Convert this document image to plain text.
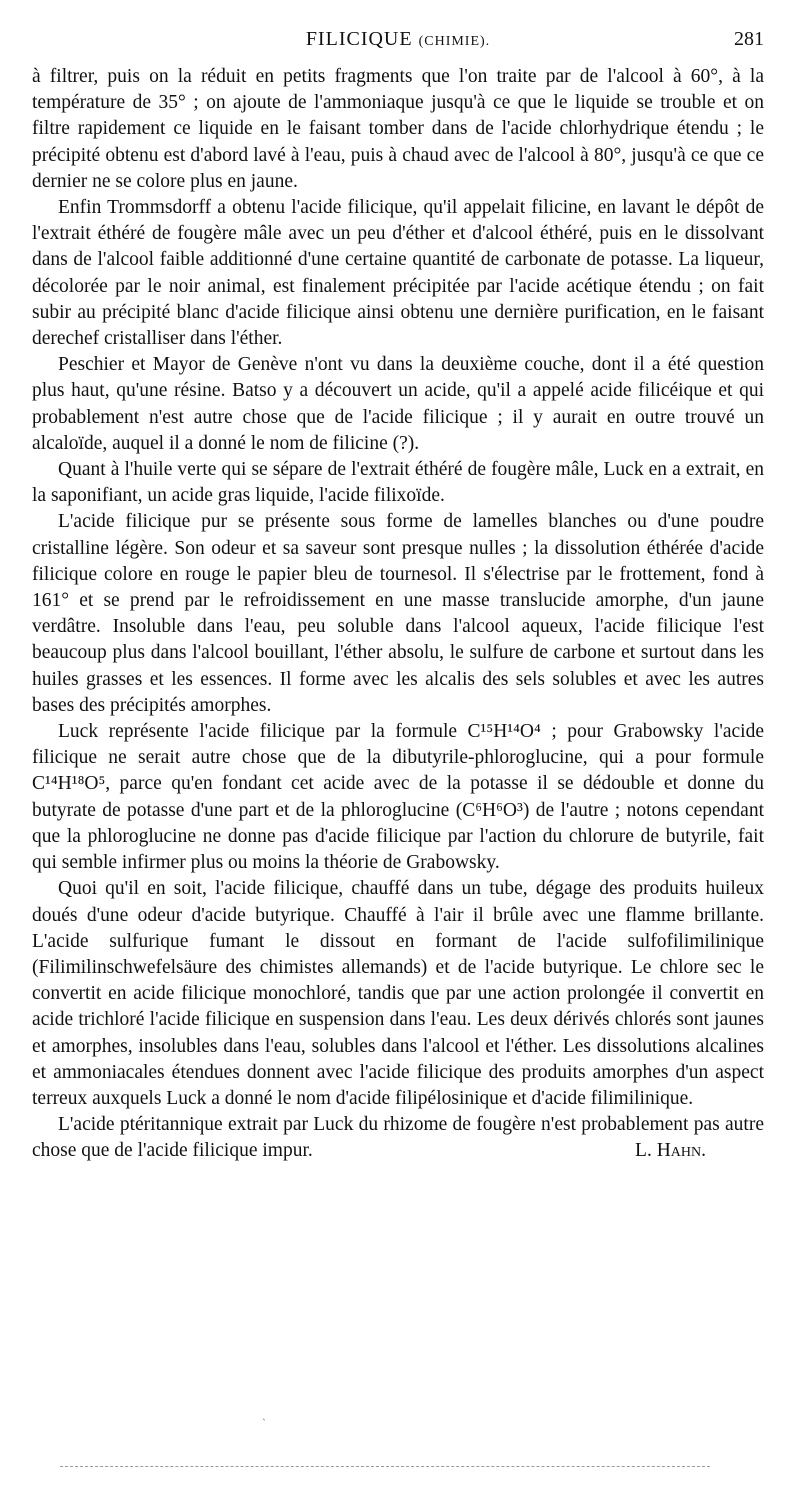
FILICIQUE (CHIMIE).	281

à filtrer, puis on la réduit en petits fragments que l'on traite par de l'alcool à 60°, à la température de 35° ; on ajoute de l'ammoniaque jusqu'à ce que le liquide se trouble et on filtre rapidement ce liquide en le faisant tomber dans de l'acide chlorhydrique étendu ; le précipité obtenu est d'abord lavé à l'eau, puis à chaud avec de l'alcool à 80°, jusqu'à ce que ce dernier ne se colore plus en jaune.

Enfin Trommsdorff a obtenu l'acide filicique, qu'il appelait filicine, en lavant le dépôt de l'extrait éthéré de fougère mâle avec un peu d'éther et d'alcool éthéré, puis en le dissolvant dans de l'alcool faible additionné d'une certaine quantité de carbonate de potasse. La liqueur, décolorée par le noir animal, est finalement précipitée par l'acide acétique étendu ; on fait subir au précipité blanc d'acide filicique ainsi obtenu une dernière purification, en le faisant derechef cristalliser dans l'éther.

Peschier et Mayor de Genève n'ont vu dans la deuxième couche, dont il a été question plus haut, qu'une résine. Batso y a découvert un acide, qu'il a appelé acide filicéique et qui probablement n'est autre chose que de l'acide filicique ; il y aurait en outre trouvé un alcaloïde, auquel il a donné le nom de filicine (?).

Quant à l'huile verte qui se sépare de l'extrait éthéré de fougère mâle, Luck en a extrait, en la saponifiant, un acide gras liquide, l'acide filixoïde.

L'acide filicique pur se présente sous forme de lamelles blanches ou d'une poudre cristalline légère. Son odeur et sa saveur sont presque nulles ; la dissolution éthérée d'acide filicique colore en rouge le papier bleu de tournesol. Il s'électrise par le frottement, fond à 161° et se prend par le refroidissement en une masse translucide amorphe, d'un jaune verdâtre. Insoluble dans l'eau, peu soluble dans l'alcool aqueux, l'acide filicique l'est beaucoup plus dans l'alcool bouillant, l'éther absolu, le sulfure de carbone et surtout dans les huiles grasses et les essences. Il forme avec les alcalis des sels solubles et avec les autres bases des précipités amorphes.

Luck représente l'acide filicique par la formule C¹⁵H¹⁴O⁴ ; pour Grabowsky l'acide filicique ne serait autre chose que de la dibutyrile-phloroglucine, qui a pour formule C¹⁴H¹⁸O⁵, parce qu'en fondant cet acide avec de la potasse il se dédouble et donne du butyrate de potasse d'une part et de la phloroglucine (C⁶H⁶O³) de l'autre ; notons cependant que la phloroglucine ne donne pas d'acide filicique par l'action du chlorure de butyrile, fait qui semble infirmer plus ou moins la théorie de Grabowsky.

Quoi qu'il en soit, l'acide filicique, chauffé dans un tube, dégage des produits huileux doués d'une odeur d'acide butyrique. Chauffé à l'air il brûle avec une flamme brillante. L'acide sulfurique fumant le dissout en formant de l'acide sulfofilimilinique (Filimilinschwefelsäure des chimistes allemands) et de l'acide butyrique. Le chlore sec le convertit en acide filicique monochloré, tandis que par une action prolongée il convertit en acide trichloré l'acide filicique en suspension dans l'eau. Les deux dérivés chlorés sont jaunes et amorphes, insolubles dans l'eau, solubles dans l'alcool et l'éther. Les dissolutions alcalines et ammoniacales étendues donnent avec l'acide filicique des produits amorphes d'un aspect terreux auxquels Luck a donné le nom d'acide filipélosinique et d'acide filimilinique.

L'acide ptéritannique extrait par Luck du rhizome de fougère n'est probablement pas autre chose que de l'acide filicique impur.	L. Hahn.

`
